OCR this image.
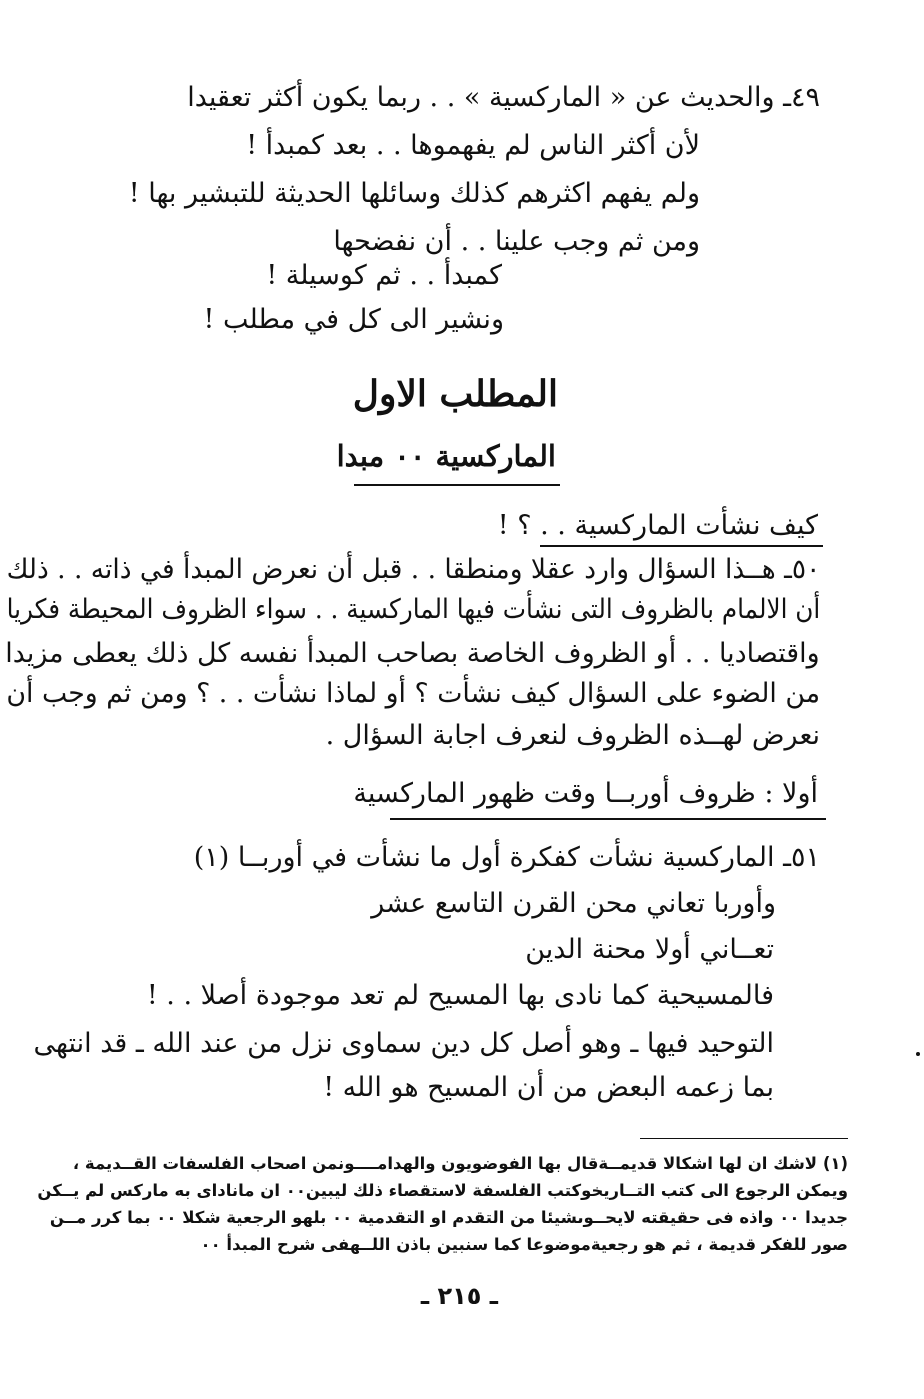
٤٩ـ والحديث عن « الماركسية » . . ربما يكون أكثر تعقيدا
لأن أكثر الناس لم يفهموها . . بعد كمبدأ !
ولم يفهم اكثرهم كذلك وسائلها الحديثة للتبشير بها !
ومن ثم وجب علينا . . أن نفضحها
كمبدأ . . ثم كوسيلة !
ونشير الى كل في مطلب !
المطلب الاول
الماركسية ٠٠ مبدا
كيف نشأت الماركسية . . ؟ !
٥٠ـ هــذا السؤال وارد عقلا ومنطقا . . قبل أن نعرض المبدأ في ذاته . . ذلك
أن الالمام بالظروف التى نشأت فيها الماركسية . . سواء الظروف المحيطة فكريا
واقتصاديا . . أو الظروف الخاصة بصاحب المبدأ نفسه كل ذلك يعطى مزيدا
من الضوء على السؤال كيف نشأت ؟ أو لماذا نشأت . . ؟ ومن ثم وجب أن
نعرض لهــذه الظروف لنعرف اجابة السؤال .
أولا : ظروف أوربــا وقت ظهور الماركسية
٥١ـ الماركسية نشأت كفكرة أول ما نشأت في أوربــا (١)
وأوربا تعاني محن القرن التاسع عشر
تعــاني أولا محنة الدين
فالمسيحية كما نادى بها المسيح لم تعد موجودة أصلا . . !
التوحيد فيها ـ وهو أصل كل دين سماوى نزل من عند الله ـ قد انتهى
بما زعمه البعض من أن المسيح هو الله !
(١) لاشك ان لها اشكالا قديمــةقال بها الفوضويون والهدامــــونمن اصحاب الفلسفات القــديمة ،
ويمكن الرجوع الى كتب التــاريخوكتب الفلسفة لاستقصاء ذلك ليبين٠٠ ان ماناداى به ماركس لم يــكن
جديدا ٠٠ واذه فى حقيقته لايحــوىشيئا من التقدم او التقدمية ٠٠ بلهو الرجعية شكلا ٠٠ بما كرر مــن
صور للفكر قديمة ، ثم هو رجعيةموضوعا كما سنبين باذن اللــهفى شرح المبدأ ٠٠
ـ ٢١٥ ـ
